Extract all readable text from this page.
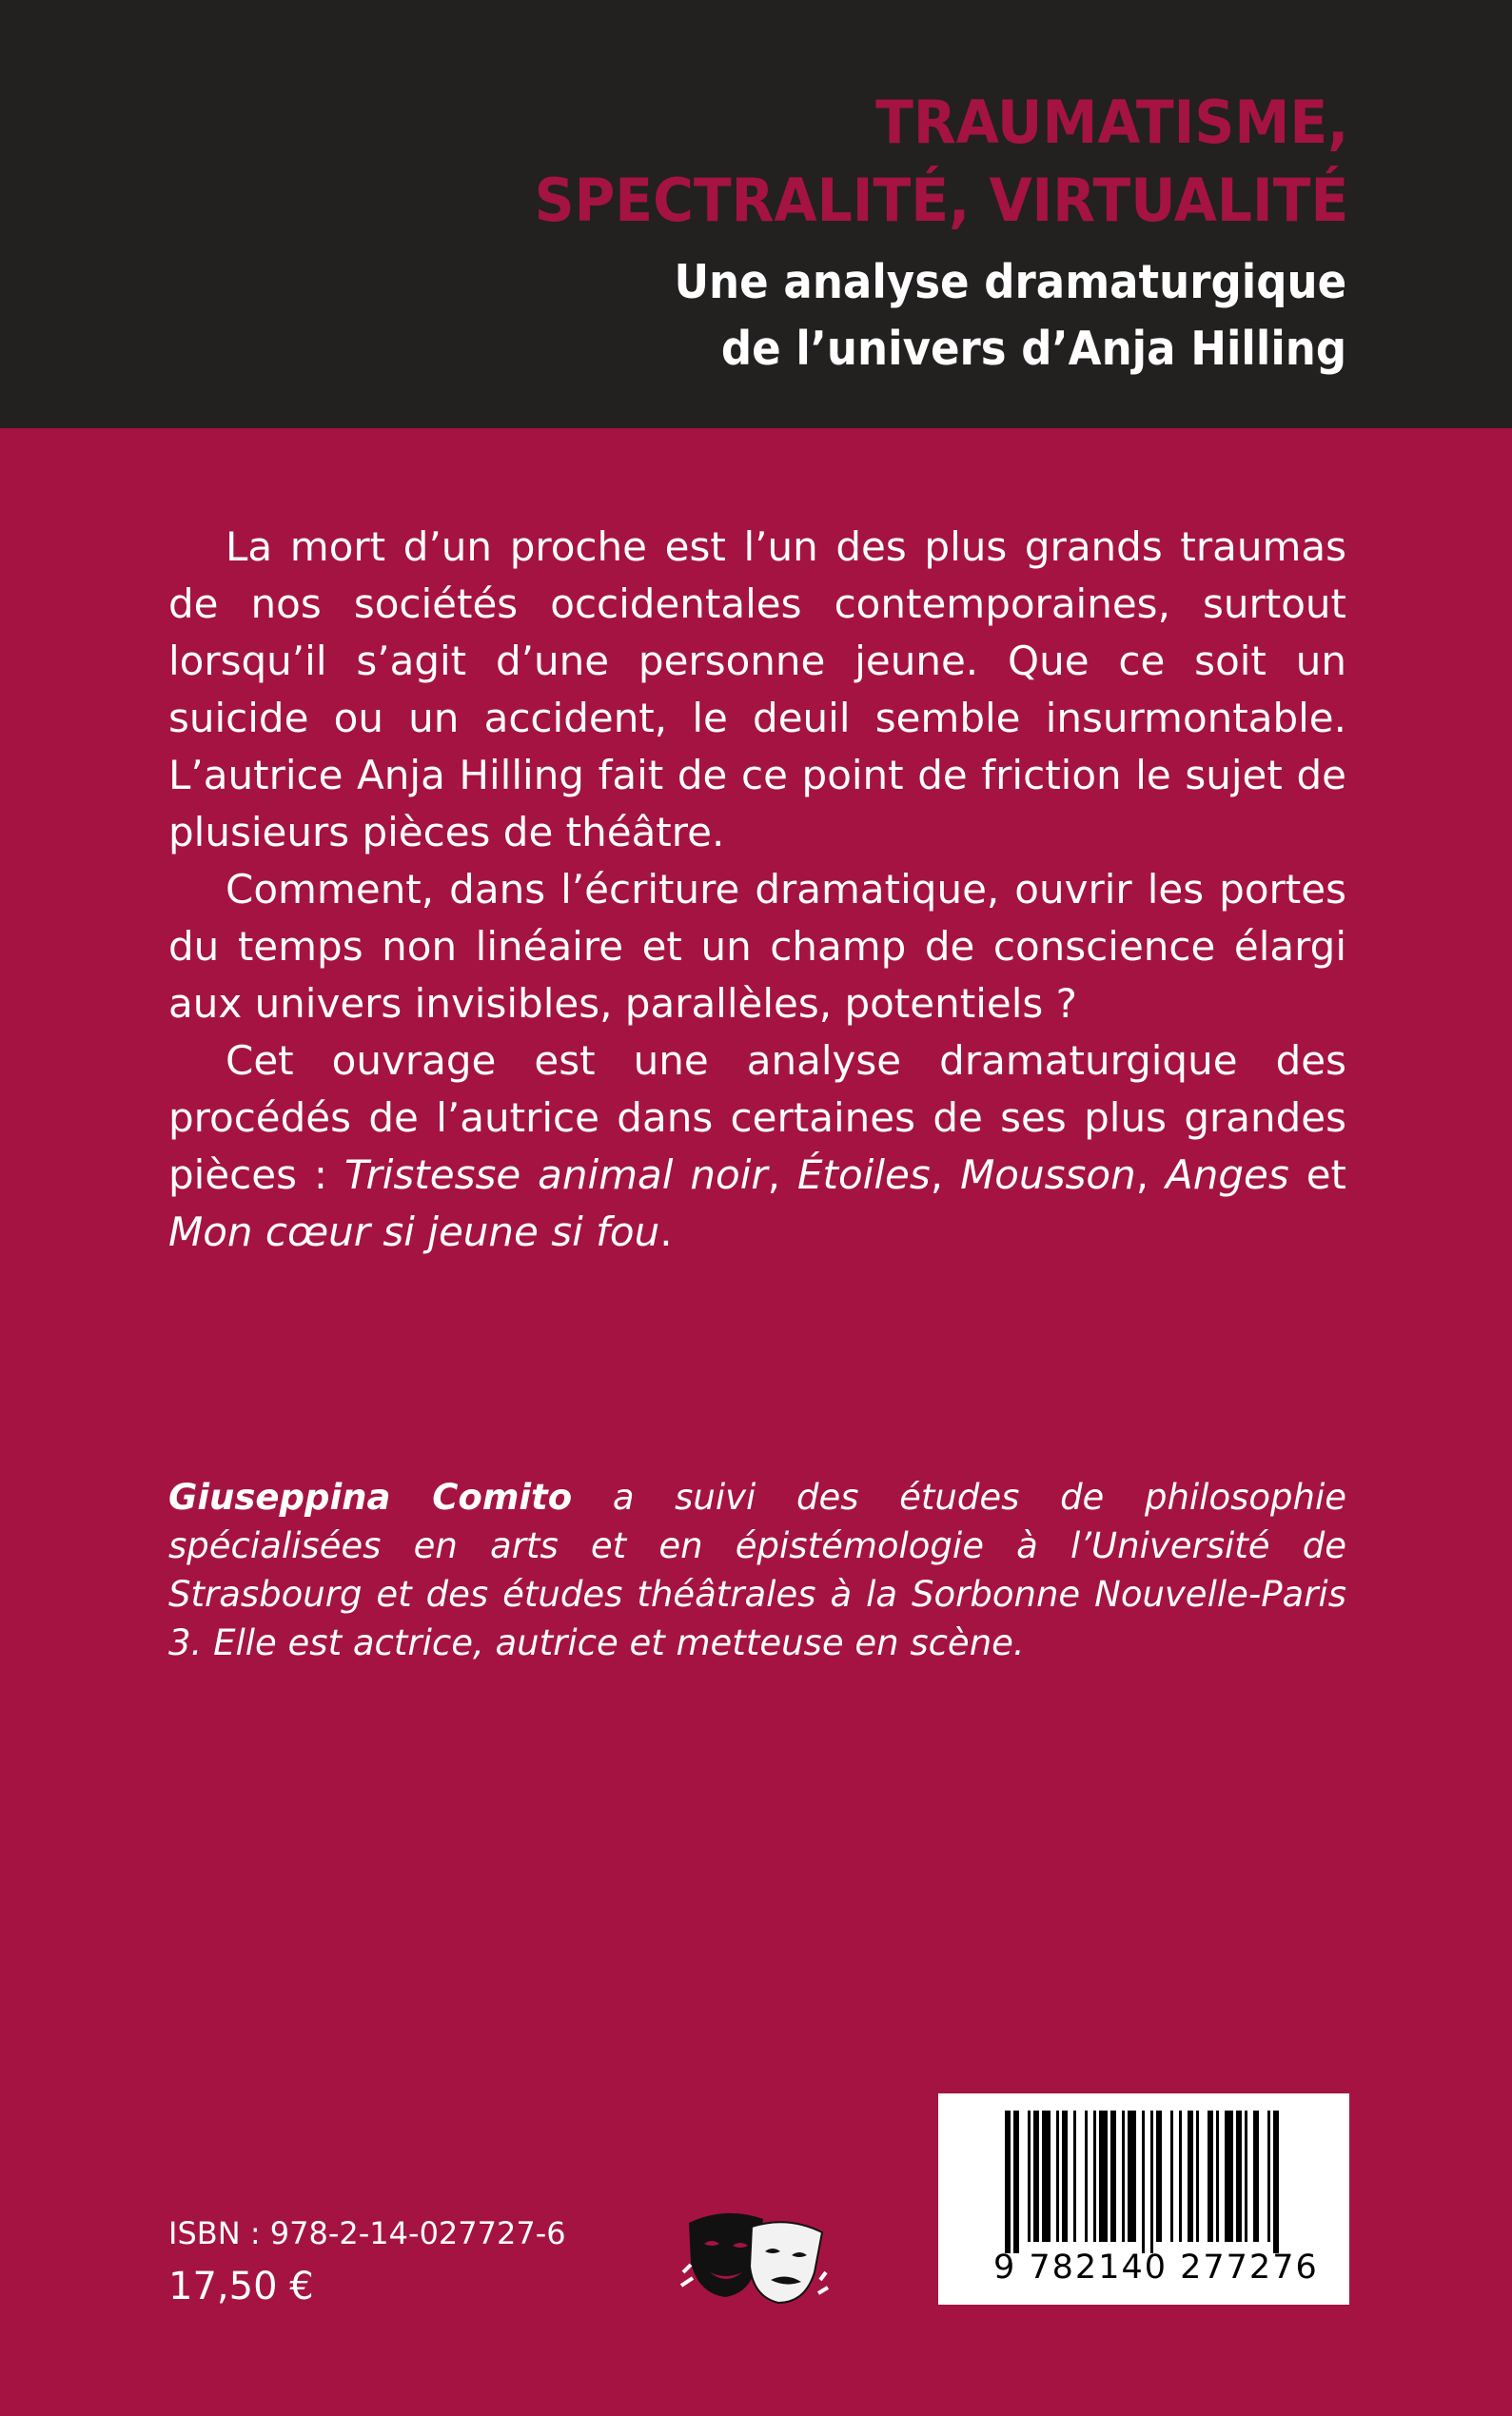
TRAUMATISME,
SPECTRALITÉ, VIRTUALITÉ
Une analyse dramaturgique
de l’univers d’Anja Hilling

La mort d’un proche est l’un des plus grands traumas de nos sociétés occidentales contemporaines, surtout lorsqu’il s’agit d’une personne jeune. Que ce soit un suicide ou un accident, le deuil semble insurmontable. L’autrice Anja Hilling fait de ce point de friction le sujet de plusieurs pièces de théâtre.

Comment, dans l’écriture dramatique, ouvrir les portes du temps non linéaire et un champ de conscience élargi aux univers invisibles, parallèles, potentiels ?

Cet ouvrage est une analyse dramaturgique des procédés de l’autrice dans certaines de ses plus grandes pièces : Tristesse animal noir, Étoiles, Mousson, Anges et Mon cœur si jeune si fou.

Giuseppina Comito a suivi des études de philosophie spécialisées en arts et en épistémologie à l’Université de Strasbourg et des études théâtrales à la Sorbonne Nouvelle-Paris 3. Elle est actrice, autrice et metteuse en scène.

ISBN : 978-2-14-027727-6
17,50 €	9 782140 277276
